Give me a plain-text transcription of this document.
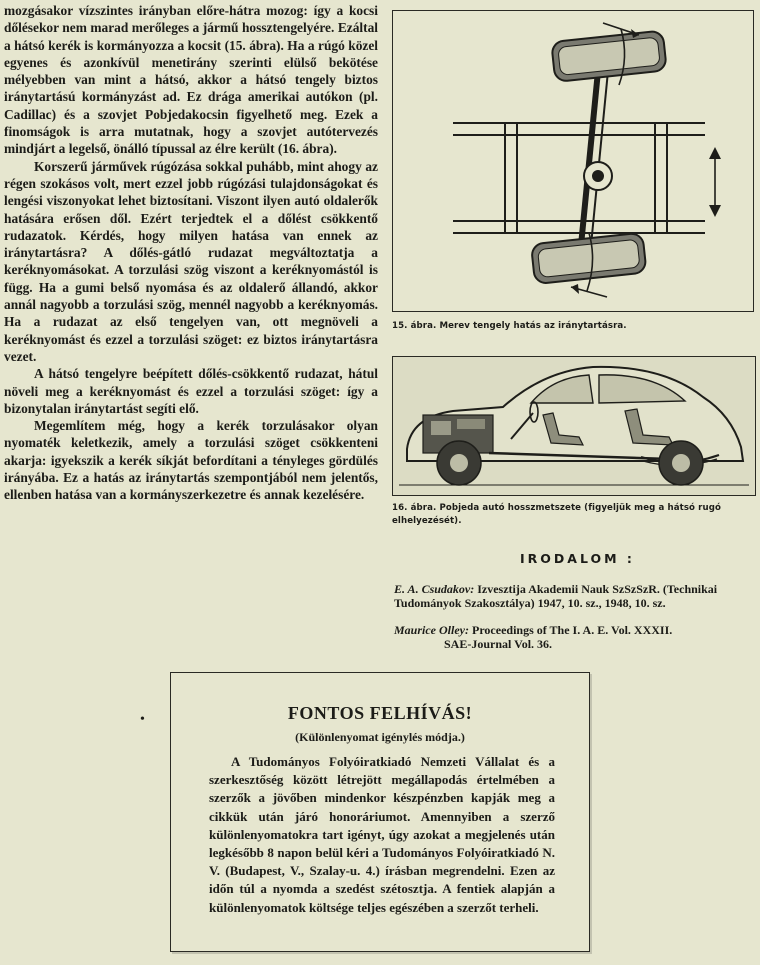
mozgásakor vízszintes irányban előre-hátra mozog: így a kocsi dőlésekor nem marad merőleges a jármű hossztengelyére. Ezáltal a hátsó kerék is kormányozza a kocsit (15. ábra). Ha a rúgó közel egyenes és azonkívül menetirány szerinti elülső bekötése mélyebben van mint a hátsó, akkor a hátsó tengely biztos iránytartású kormányzást ad. Ez drága amerikai autókon (pl. Cadillac) és a szovjet Pobjedakocsin figyelhető meg. Ezek a finomságok is arra mutatnak, hogy a szovjet autótervezés mindjárt a legelső, önálló típussal az élre került (16. ábra).

Korszerű járművek rúgózása sokkal puhább, mint ahogy az régen szokásos volt, mert ezzel jobb rúgózási tulajdonságokat és lengési viszonyokat lehet biztosítani. Viszont ilyen autó oldalerők hatására erősen dől. Ezért terjedtek el a dőlést csökkentő rudazatok. Kérdés, hogy milyen hatása van ennek az iránytartásra? A dőlés-gátló rudazat megváltoztatja a keréknyomásokat. A torzulási szög viszont a keréknyomástól is függ. Ha a gumi belső nyomása és az oldalerő állandó, akkor annál nagyobb a torzulási szög, mennél nagyobb a keréknyomás. Ha a rudazat az első tengelyen van, ott megnöveli a keréknyomást és ezzel a torzulási szöget: ez biztos iránytartásra vezet.

A hátsó tengelyre beépített dőlés-csökkentő rudazat, hátul növeli meg a keréknyomást és ezzel a torzulási szöget: így a bizonytalan iránytartást segíti elő.

Megemlítem még, hogy a kerék torzulásakor olyan nyomaték keletkezik, amely a torzulási szöget csökkenteni akarja: igyekszik a kerék síkját befordítani a tényleges gördülés irányába. Ez a hatás az iránytartás szempontjából nem jelentős, ellenben hatása van a kormányszerkezetre és annak kezelésére.

15. ábra. Merev tengely hatás az iránytartásra.
16. ábra. Pobjeda autó hosszmetszete (figyeljük meg a hátsó rugó elhelyezését).
IRODALOM :
E. A. Csudakov: Izvesztija Akademii Nauk SzSzSzR. (Technikai Tudományok Szakosztálya) 1947, 10. sz., 1948, 10. sz.
Maurice Olley: Proceedings of The I. A. E. Vol. XXXII.
SAE-Journal Vol. 36.
•	FONTOS FELHÍVÁS!
(Különlenyomat igénylés módja.)
A Tudományos Folyóiratkiadó Nemzeti Vállalat és a szerkesztőség között létrejött megállapodás értelmében a szerzők a jövőben mindenkor készpénzben kapják meg a cikkük után járó honoráriumot. Amennyiben a szerző különlenyomatokra tart igényt, úgy azokat a megjelenés után legkésőbb 8 napon belül kéri a Tudományos Folyóiratkiadó N. V. (Budapest, V., Szalay-u. 4.) írásban megrendelni. Ezen az időn túl a nyomda a szedést szétosztja. A fentiek alapján a különlenyomatok költsége teljes egészében a szerzőt terheli.
